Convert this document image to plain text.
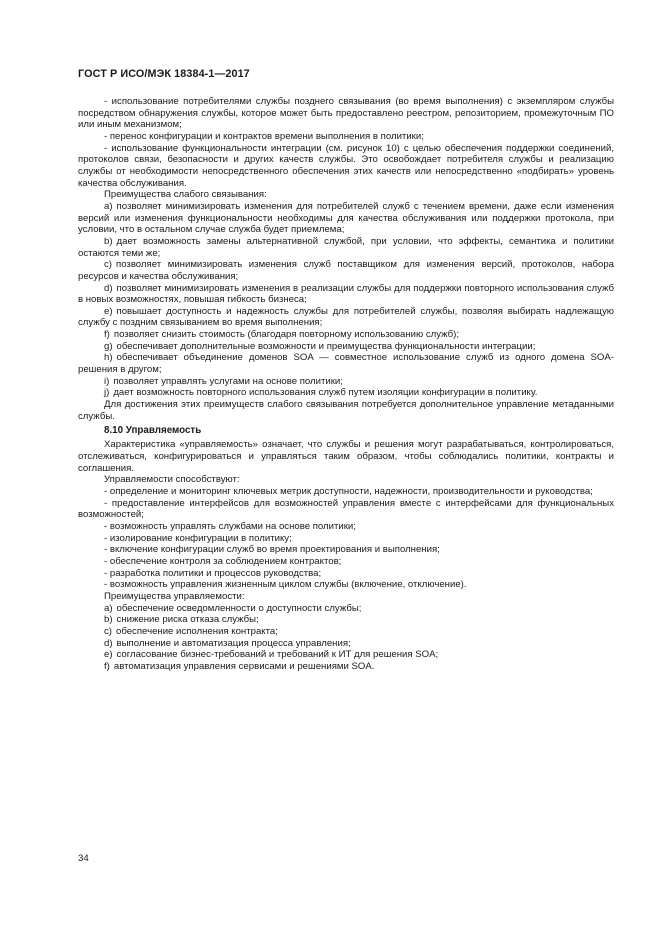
ГОСТ Р ИСО/МЭК 18384-1—2017

- использование потребителями службы позднего связывания (во время выполнения) с экземпляром службы посредством обнаружения службы, которое может быть предоставлено реестром, репозиторием, промежуточным ПО или иным механизмом;

- перенос конфигурации и контрактов времени выполнения в политики;

- использование функциональности интеграции (см. рисунок 10) с целью обеспечения поддержки соединений, протоколов связи, безопасности и других качеств службы. Это освобождает потребителя службы и реализацию службы от необходимости непосредственного обеспечения этих качеств или непосредственно «подбирать» уровень качества обслуживания.

Преимущества слабого связывания:

a) позволяет минимизировать изменения для потребителей служб с течением времени, даже если изменения версий или изменения функциональности необходимы для качества обслуживания или поддержки протокола, при условии, что в остальном случае служба будет приемлема;

b) дает возможность замены альтернативной службой, при условии, что эффекты, семантика и политики остаются теми же;

c) позволяет минимизировать изменения служб поставщиком для изменения версий, протоколов, набора ресурсов и качества обслуживания;

d) позволяет минимизировать изменения в реализации службы для поддержки повторного использования служб в новых возможностях, повышая гибкость бизнеса;

e) повышает доступность и надежность службы для потребителей службы, позволяя выбирать надлежащую службу с поздним связыванием во время выполнения;

f) позволяет снизить стоимость (благодаря повторному использованию служб);

g) обеспечивает дополнительные возможности и преимущества функциональности интеграции;

h) обеспечивает объединение доменов SOA — совместное использование служб из одного домена SOA-решения в другом;

i) позволяет управлять услугами на основе политики;

j) дает возможность повторного использования служб путем изоляции конфигурации в политику.

Для достижения этих преимуществ слабого связывания потребуется дополнительное управление метаданными службы.

8.10 Управляемость

Характеристика «управляемость» означает, что службы и решения могут разрабатываться, контролироваться, отслеживаться, конфигурироваться и управляться таким образом, чтобы соблюдались политики, контракты и соглашения.

Управляемости способствуют:

- определение и мониторинг ключевых метрик доступности, надежности, производительности и руководства;

- предоставление интерфейсов для возможностей управления вместе с интерфейсами для функциональных возможностей;

- возможность управлять службами на основе политики;

- изолирование конфигурации в политику;

- включение конфигурации служб во время проектирования и выполнения;

- обеспечение контроля за соблюдением контрактов;

- разработка политики и процессов руководства;

- возможность управления жизненным циклом службы (включение, отключение).

Преимущества управляемости:

a) обеспечение осведомленности о доступности службы;

b) снижение риска отказа службы;

c) обеспечение исполнения контракта;

d) выполнение и автоматизация процесса управления;

e) согласование бизнес-требований и требований к ИТ для решения SOA;

f) автоматизация управления сервисами и решениями SOA.

34
